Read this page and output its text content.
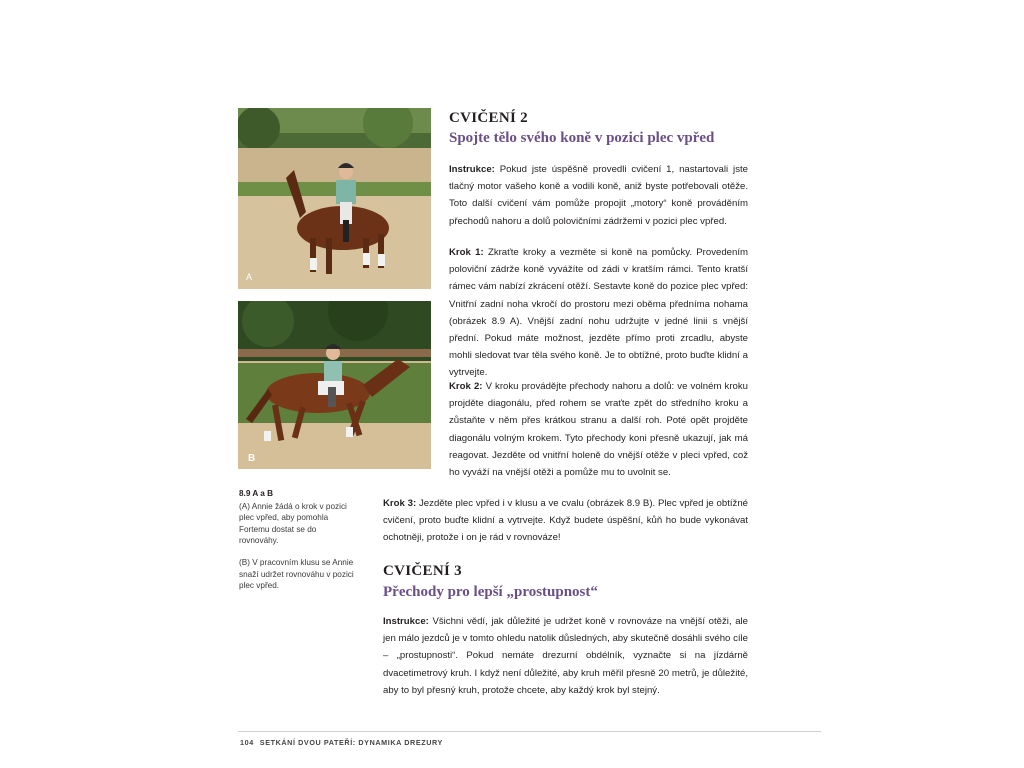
A
B
8.9 A a B

(A) Annie žádá o krok v pozici plec vpřed, aby pomohla Fortemu dostat se do rovnováhy.

(B) V pracovním klusu se Annie snaží udržet rovnováhu v pozici plec vpřed.

CVIČENÍ 2
Spojte tělo svého koně v pozici plec vpřed
Instrukce: Pokud jste úspěšně provedli cvičení 1, nastartovali jste tlačný motor vašeho koně a vodili koně, aniž byste potřebovali otěže. Toto další cvičení vám pomůže propojit „motory“ koně prováděním přechodů nahoru a dolů polovičními zádržemi v pozici plec vpřed.
Krok 1: Zkraťte kroky a vezměte si koně na pomůcky. Provedením poloviční zádrže koně vyvážíte od zádi v kratším rámci. Tento kratší rámec vám nabízí zkrácení otěží. Sestavte koně do pozice plec vpřed: Vnitřní zadní noha vkročí do prostoru mezi oběma předníma nohama (obrázek 8.9 A). Vnější zadní nohu udržujte v jedné linii s vnější přední. Pokud máte možnost, jezděte přímo proti zrcadlu, abyste mohli sledovat tvar těla svého koně. Je to obtížné, proto buďte klidní a vytrvejte.
Krok 2: V kroku provádějte přechody nahoru a dolů: ve volném kroku projděte diagonálu, před rohem se vraťte zpět do středního kroku a zůstaňte v něm přes krátkou stranu a další roh. Poté opět projděte diagonálu volným krokem. Tyto přechody koni přesně ukazují, jak má reagovat. Jezděte od vnitřní holeně do vnější otěže v pleci vpřed, což ho vyváží na vnější otěži a pomůže mu to uvolnit se.
Krok 3: Jezděte plec vpřed i v klusu a ve cvalu (obrázek 8.9 B). Plec vpřed je obtížné cvičení, proto buďte klidní a vytrvejte. Když budete úspěšní, kůň ho bude vykonávat ochotněji, protože i on je rád v rovnováze!
CVIČENÍ 3
Přechody pro lepší „prostupnost“
Instrukce: Všichni vědí, jak důležité je udržet koně v rovnováze na vnější otěži, ale jen málo jezdců je v tomto ohledu natolik důsledných, aby skutečně dosáhli svého cíle – „prostupnosti“. Pokud nemáte drezurní obdélník, vyznačte si na jízdárně dvacetimetrový kruh. I když není důležité, aby kruh měřil přesně 20 metrů, je důležité, aby to byl přesný kruh, protože chcete, aby každý krok byl stejný.
104 SETKÁNÍ DVOU PATEŘÍ: DYNAMIKA DREZURY
